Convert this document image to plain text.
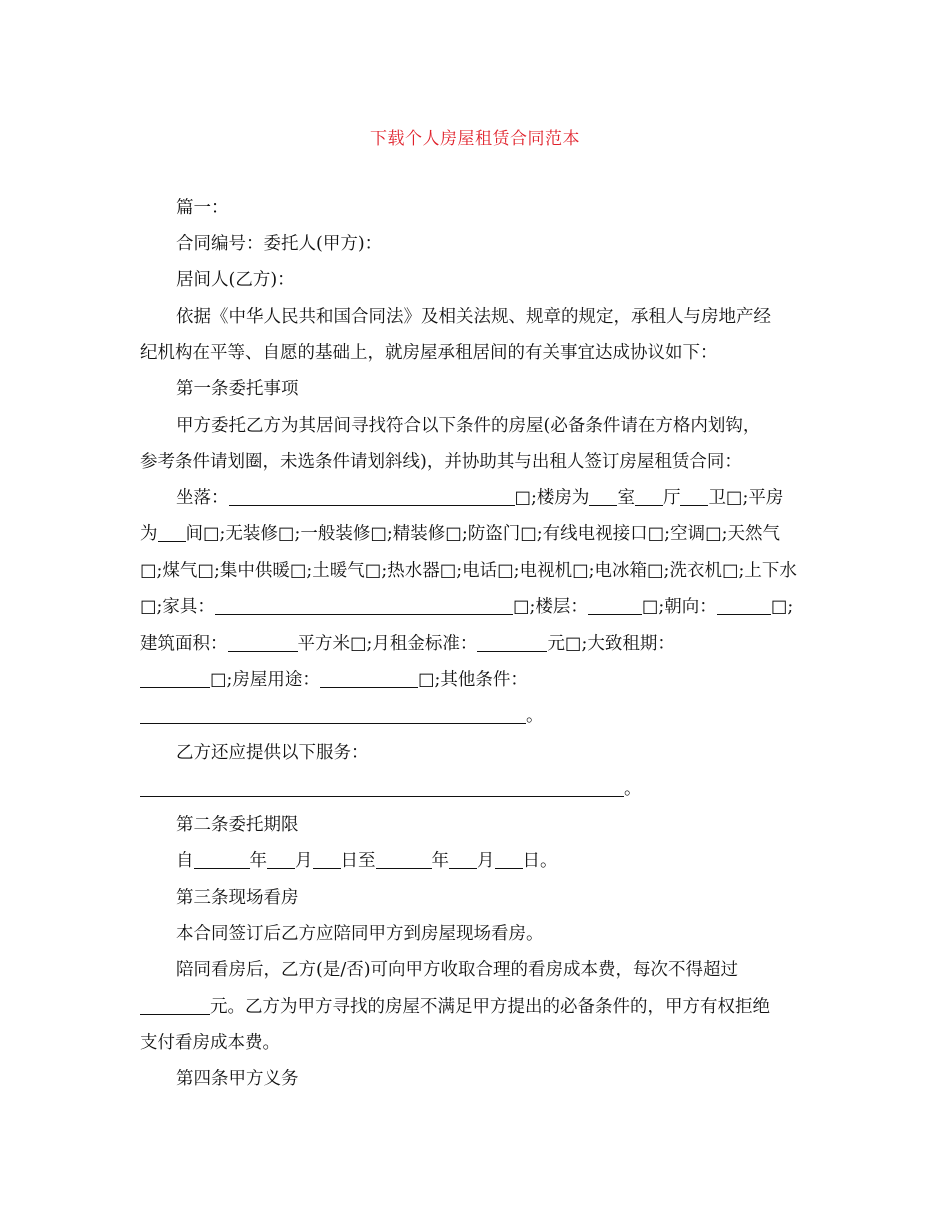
下载个人房屋租赁合同范本
篇一：
合同编号：委托人(甲方)：
居间人(乙方)：
依据《中华人民共和国合同法》及相关法规、规章的规定，承租人与房地产经
纪机构在平等、自愿的基础上，就房屋承租居间的有关事宜达成协议如下：
第一条委托事项
甲方委托乙方为其居间寻找符合以下条件的房屋(必备条件请在方格内划钩，
参考条件请划圈，未选条件请划斜线)，并协助其与出租人签订房屋租赁合同：
坐落：	□;楼房为 室 厅 卫□;平房
为 间□;无装修□;一般装修□;精装修□;防盗门□;有线电视接口□;空调□;天然气
□;煤气□;集中供暖□;土暖气□;热水器□;电话□;电视机□;电冰箱□;洗衣机□;上下水
□;家具：	□;楼层：	□;朝向：	□;
建筑面积：	平方米□;月租金标准：	元□;大致租期：
□;房屋用途：	□;其他条件：
。
乙方还应提供以下服务：
。
第二条委托期限
自	年 月 日至	年 月 日。
第三条现场看房
本合同签订后乙方应陪同甲方到房屋现场看房。
陪同看房后，乙方(是/否)可向甲方收取合理的看房成本费，每次不得超过
元。乙方为甲方寻找的房屋不满足甲方提出的必备条件的，甲方有权拒绝
支付看房成本费。
第四条甲方义务
